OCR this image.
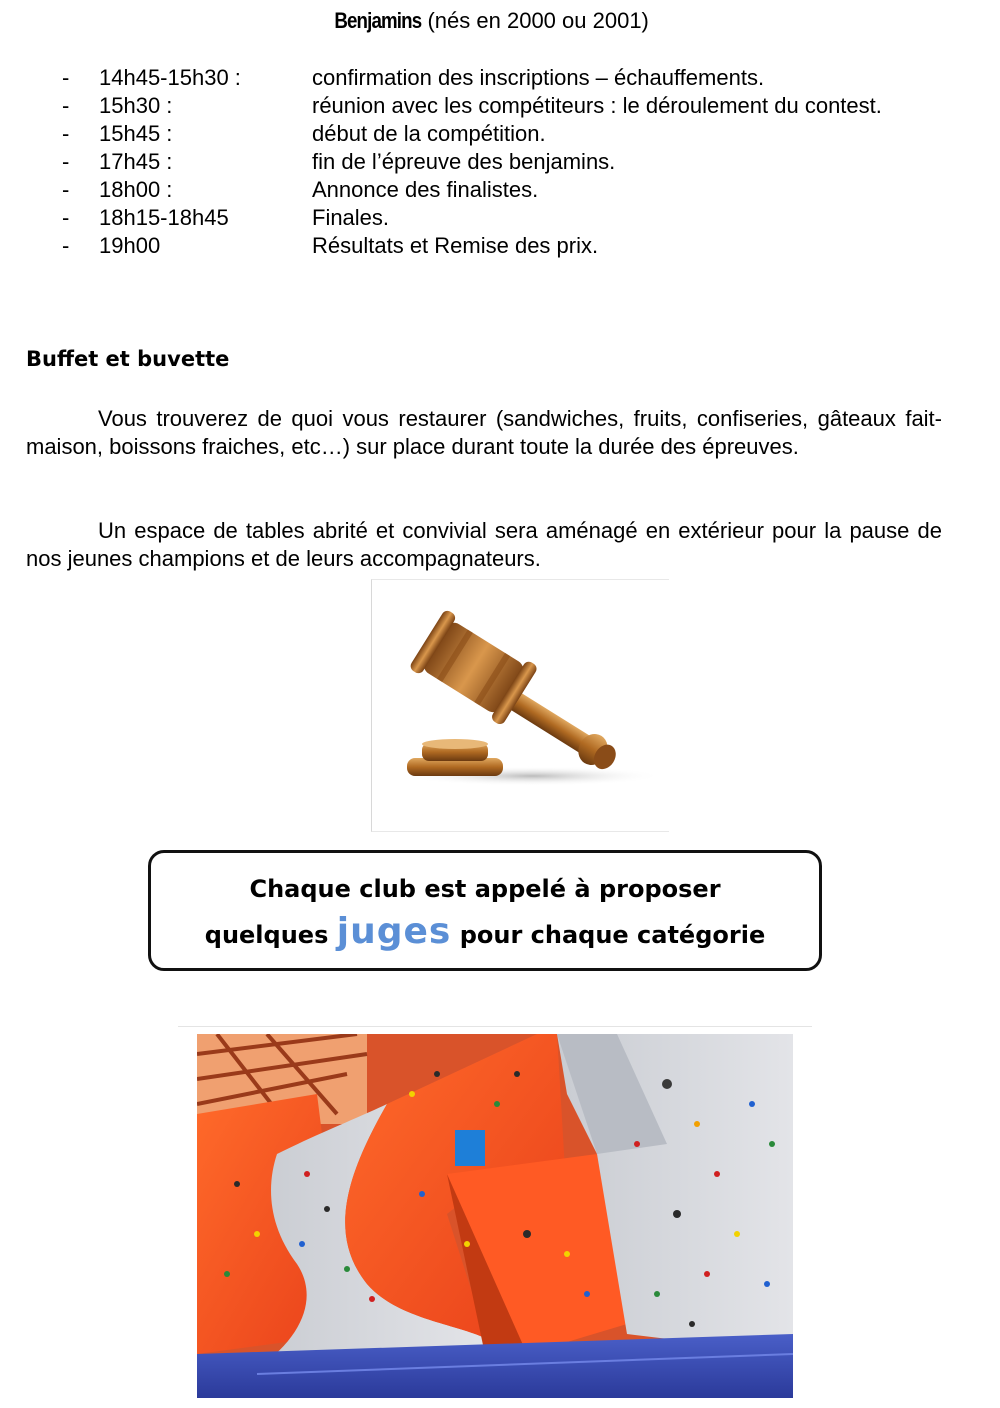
Benjamins (nés en 2000 ou 2001)
- 14h45-15h30 :	confirmation des inscriptions – échauffements.
- 15h30 :	réunion avec les compétiteurs : le déroulement du contest.
- 15h45 :	début de la compétition.
- 17h45 :	fin de l’épreuve des benjamins.
- 18h00 :	Annonce des finalistes.
- 18h15-18h45	Finales.
- 19h00	Résultats et Remise des prix.
Buffet et buvette

Vous trouverez de quoi vous restaurer (sandwiches, fruits, confiseries, gâteaux fait-maison, boissons fraiches, etc…) sur place durant toute la durée des épreuves.

Un espace de tables abrité et convivial sera aménagé en extérieur pour la pause de nos jeunes champions et de leurs accompagnateurs.

Chaque club est appelé à proposer
quelques juges pour chaque catégorie
